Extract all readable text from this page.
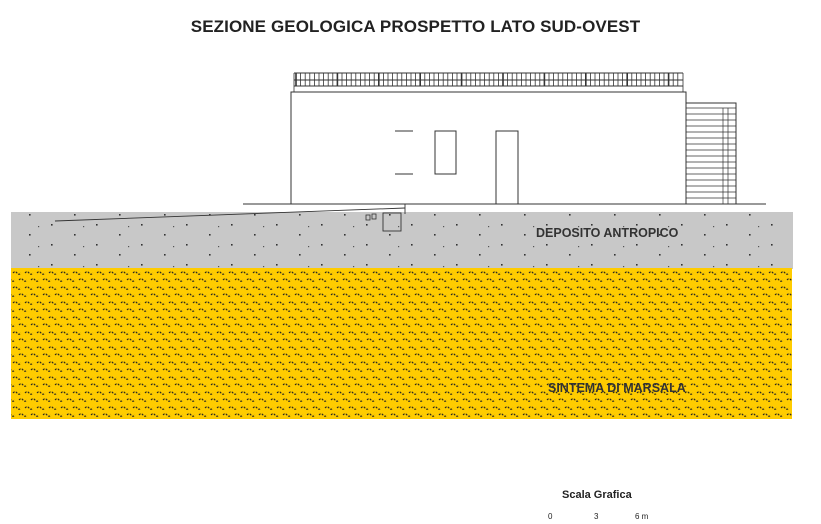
SEZIONE GEOLOGICA PROSPETTO LATO SUD-OVEST
DEPOSITO ANTROPICO
SINTEMA DI MARSALA
Scala Grafica
0	3	6 m
